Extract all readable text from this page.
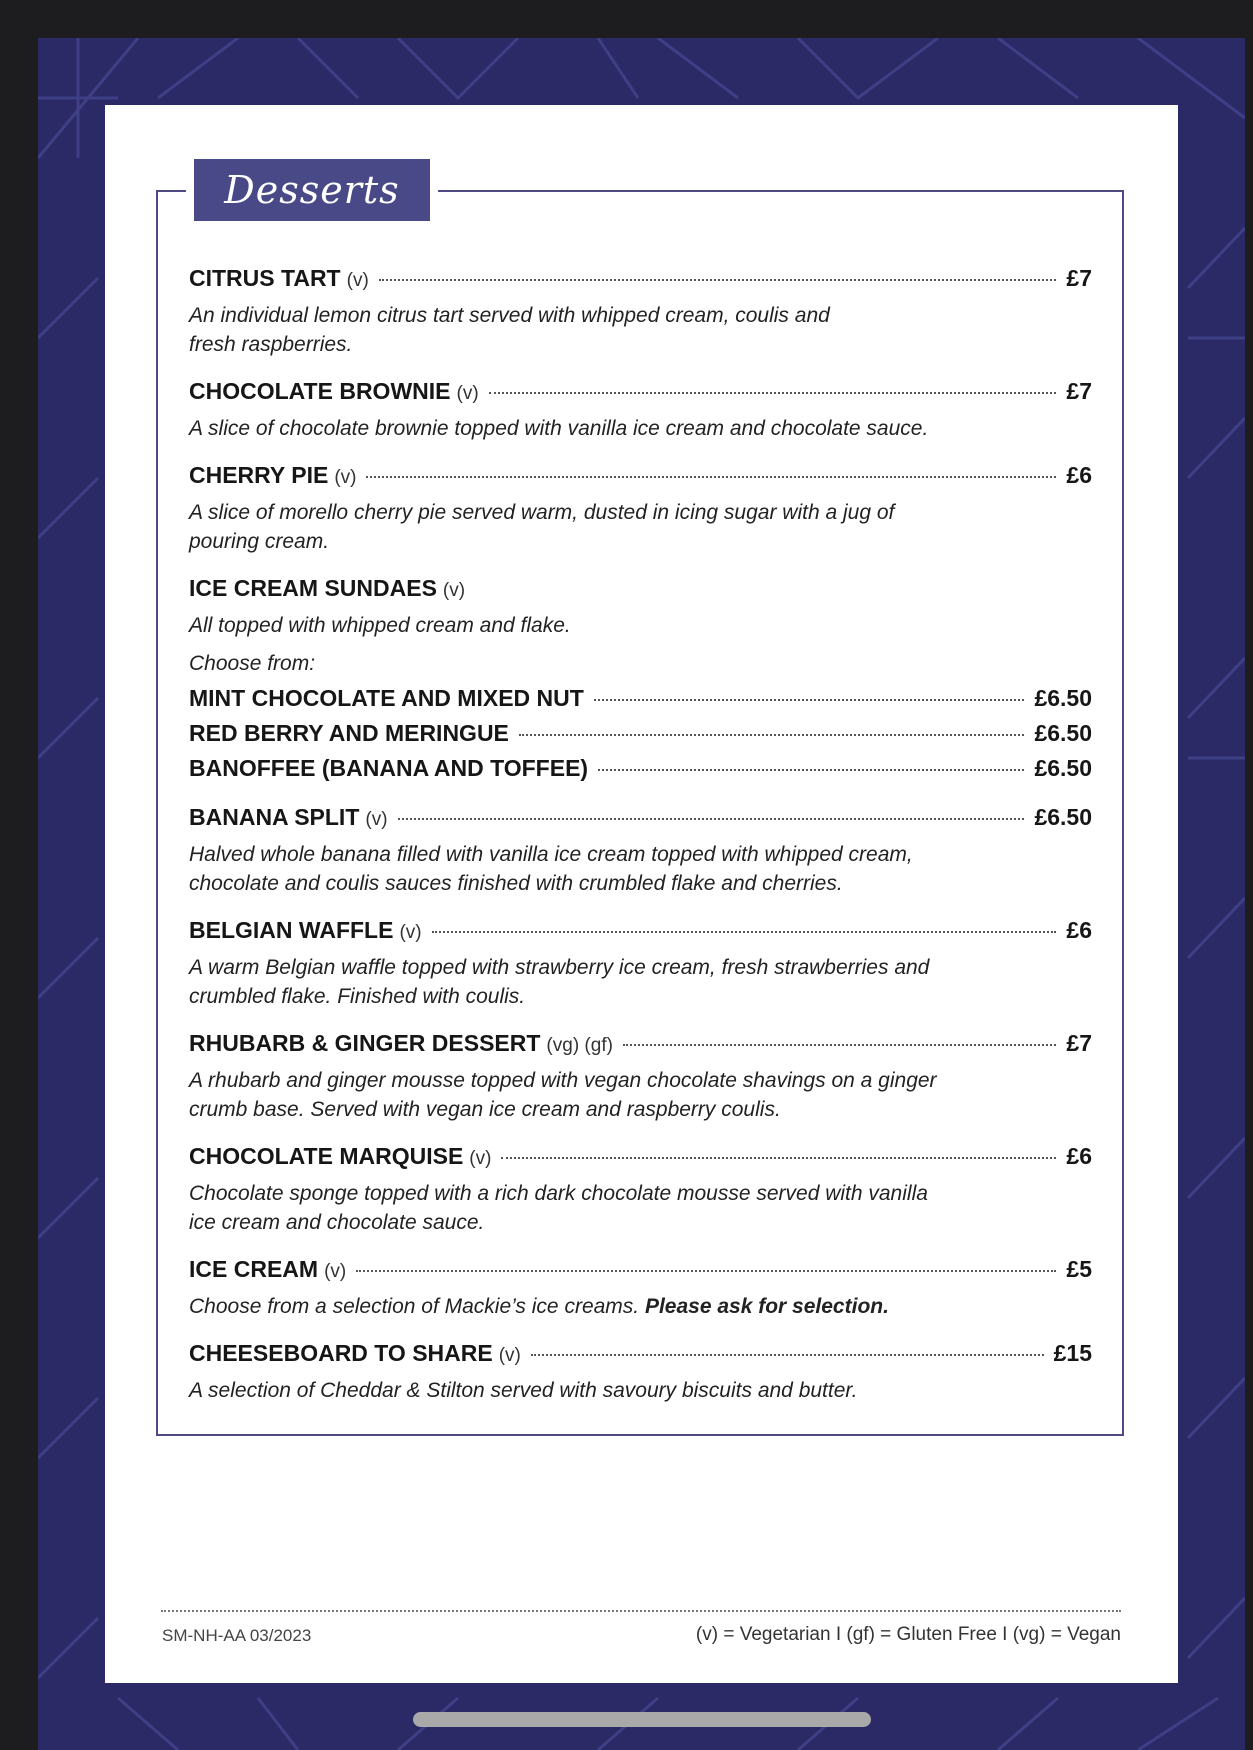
Desserts
CITRUS TART (v)	£7
An individual lemon citrus tart served with whipped cream, coulis and
fresh raspberries.
CHOCOLATE BROWNIE (v)	£7
A slice of chocolate brownie topped with vanilla ice cream and chocolate sauce.
CHERRY PIE (v)	£6
A slice of morello cherry pie served warm, dusted in icing sugar with a jug of
pouring cream.
ICE CREAM SUNDAES (v)
All topped with whipped cream and flake.
Choose from:
MINT CHOCOLATE AND MIXED NUT	£6.50
RED BERRY AND MERINGUE	£6.50
BANOFFEE (BANANA AND TOFFEE)	£6.50
BANANA SPLIT (v)	£6.50
Halved whole banana filled with vanilla ice cream topped with whipped cream,
chocolate and coulis sauces finished with crumbled flake and cherries.
BELGIAN WAFFLE (v)	£6
A warm Belgian waffle topped with strawberry ice cream, fresh strawberries and
crumbled flake. Finished with coulis.
RHUBARB & GINGER DESSERT (vg) (gf)	£7
A rhubarb and ginger mousse topped with vegan chocolate shavings on a ginger
crumb base. Served with vegan ice cream and raspberry coulis.
CHOCOLATE MARQUISE (v)	£6
Chocolate sponge topped with a rich dark chocolate mousse served with vanilla
ice cream and chocolate sauce.
ICE CREAM (v)	£5
Choose from a selection of Mackie’s ice creams. Please ask for selection.
CHEESEBOARD TO SHARE (v)	£15
A selection of Cheddar & Stilton served with savoury biscuits and butter.
SM-NH-AA 03/2023	(v) = Vegetarian I (gf) = Gluten Free I (vg) = Vegan
